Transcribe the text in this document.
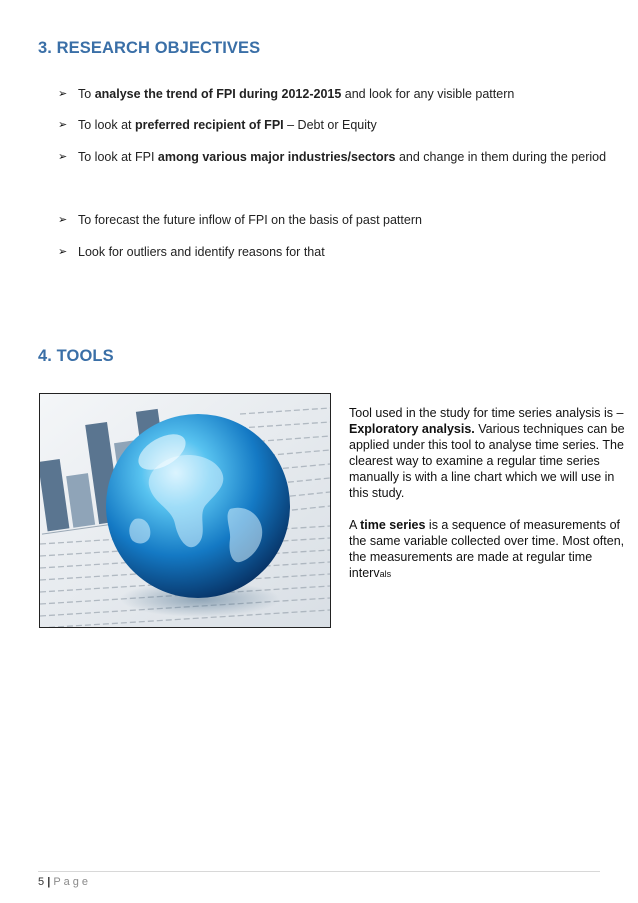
3. RESEARCH OBJECTIVES
➢ To analyse the trend of FPI during 2012-2015 and look for any visible pattern
➢ To look at preferred recipient of FPI – Debt or Equity
➢ To look at FPI among various major industries/sectors and change in them during the period
➢ To forecast the future inflow of FPI on the basis of past pattern
➢ Look for outliers and identify reasons for that
4. TOOLS

Tool used in the study for time series analysis is – Exploratory analysis. Various techniques can be applied under this tool to analyse time series. The clearest way to examine a regular time series manually is with a line chart which we will use in this study.

A time series is a sequence of measurements of the same variable collected over time. Most often, the measurements are made at regular time intervals

5 | Page
